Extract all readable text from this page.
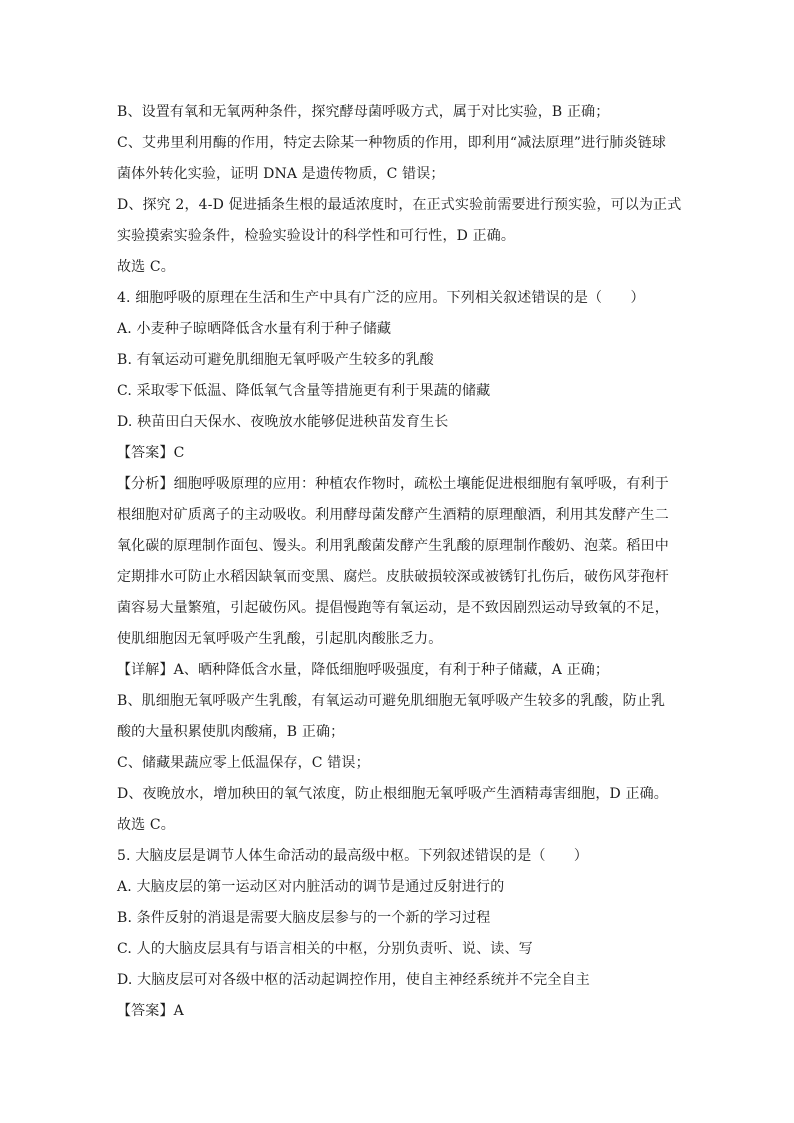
B、设置有氧和无氧两种条件，探究酵母菌呼吸方式，属于对比实验，B 正确；
C、艾弗里利用酶的作用，特定去除某一种物质的作用，即利用“减法原理”进行肺炎链球
菌体外转化实验，证明 DNA 是遗传物质，C 错误；
D、探究 2，4-D 促进插条生根的最适浓度时，在正式实验前需要进行预实验，可以为正式
实验摸索实验条件，检验实验设计的科学性和可行性，D 正确。
故选 C。
4. 细胞呼吸的原理在生活和生产中具有广泛的应用。下列相关叙述错误的是（　　）
A. 小麦种子晾晒降低含水量有利于种子储藏
B. 有氧运动可避免肌细胞无氧呼吸产生较多的乳酸
C. 采取零下低温、降低氧气含量等措施更有利于果蔬的储藏
D. 秧苗田白天保水、夜晚放水能够促进秧苗发育生长
【答案】C
【分析】细胞呼吸原理的应用：种植农作物时，疏松土壤能促进根细胞有氧呼吸，有利于
根细胞对矿质离子的主动吸收。利用酵母菌发酵产生酒精的原理酿酒，利用其发酵产生二
氧化碳的原理制作面包、馒头。利用乳酸菌发酵产生乳酸的原理制作酸奶、泡菜。稻田中
定期排水可防止水稻因缺氧而变黑、腐烂。皮肤破损较深或被锈钉扎伤后，破伤风芽孢杆
菌容易大量繁殖，引起破伤风。提倡慢跑等有氧运动，是不致因剧烈运动导致氧的不足，
使肌细胞因无氧呼吸产生乳酸，引起肌肉酸胀乏力。
【详解】A、晒种降低含水量，降低细胞呼吸强度，有利于种子储藏，A 正确；
B、肌细胞无氧呼吸产生乳酸，有氧运动可避免肌细胞无氧呼吸产生较多的乳酸，防止乳
酸的大量积累使肌肉酸痛，B 正确；
C、储藏果蔬应零上低温保存，C 错误；
D、夜晚放水，增加秧田的氧气浓度，防止根细胞无氧呼吸产生酒精毒害细胞，D 正确。
故选 C。
5. 大脑皮层是调节人体生命活动的最高级中枢。下列叙述错误的是（　　）
A. 大脑皮层的第一运动区对内脏活动的调节是通过反射进行的
B. 条件反射的消退是需要大脑皮层参与的一个新的学习过程
C. 人的大脑皮层具有与语言相关的中枢，分别负责听、说、读、写
D. 大脑皮层可对各级中枢的活动起调控作用，使自主神经系统并不完全自主
【答案】A
